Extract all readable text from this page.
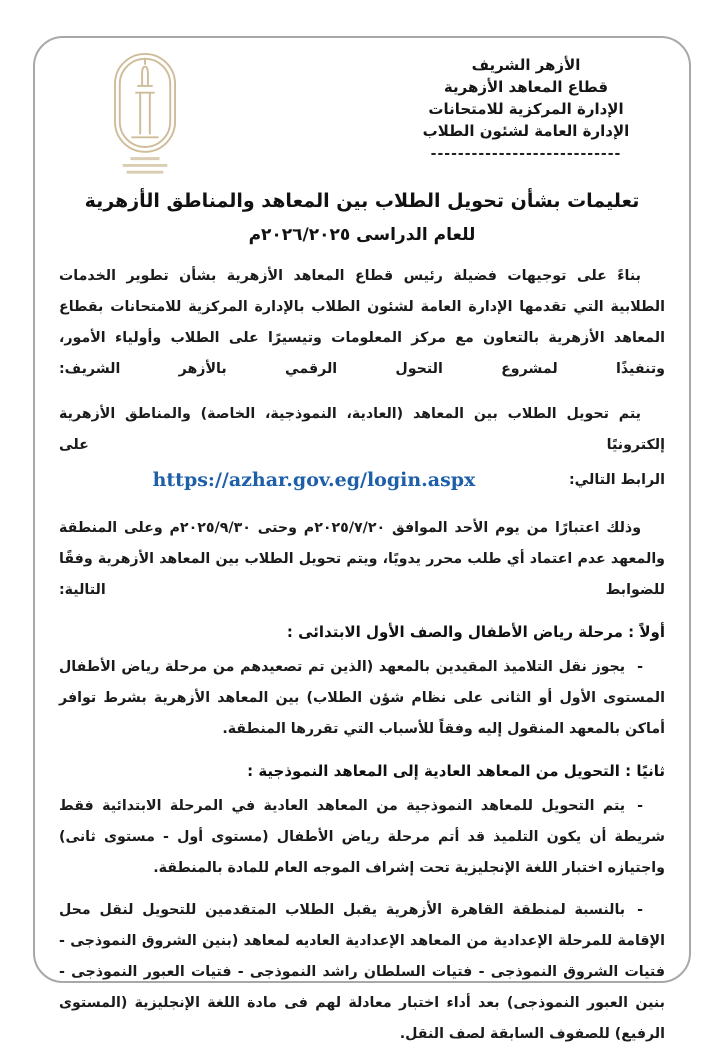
الأزهر الشريف
قطاع المعاهد الأزهرية
الإدارة المركزية للامتحانات
الإدارة العامة لشئون الطلاب
----------------------------
تعليمات بشأن تحويل الطلاب بين المعاهد والمناطق الأزهرية
للعام الدراسى ٢٠٢٦/٢٠٢٥م

بناءً على توجيهات فضيلة رئيس قطاع المعاهد الأزهرية بشأن تطوير الخدمات الطلابية التي تقدمها الإدارة العامة لشئون الطلاب بالإدارة المركزية للامتحانات بقطاع المعاهد الأزهرية بالتعاون مع مركز المعلومات وتيسيرًا على الطلاب وأولياء الأمور، وتنفيذًا لمشروع التحول الرقمي بالأزهر الشريف:

يتم تحويل الطلاب بين المعاهد (العادية، النموذجية، الخاصة) والمناطق الأزهرية إلكترونيًا على

الرابط التالي:
https://azhar.gov.eg/login.aspx

وذلك اعتبارًا من يوم الأحد الموافق ٢٠٢٥/٧/٢٠م وحتى ٢٠٢٥/٩/٣٠م وعلى المنطقة والمعهد عدم اعتماد أي طلب محرر يدويًا، ويتم تحويل الطلاب بين المعاهد الأزهرية وفقًا للضوابط التالية:

أولاً : مرحلة رياض الأطفال والصف الأول الابتدائى :
-يجوز نقل التلاميذ المقيدين بالمعهد (الذين تم تصعيدهم من مرحلة رياض الأطفال المستوى الأول أو الثانى على نظام شؤن الطلاب) بين المعاهد الأزهرية بشرط توافر أماكن بالمعهد المنقول إليه وفقاً للأسباب التي تقررها المنطقة.
ثانيًا : التحويل من المعاهد العادية إلى المعاهد النموذجية :
-يتم التحويل للمعاهد النموذجية من المعاهد العادية في المرحلة الابتدائية فقط شريطة أن يكون التلميذ قد أتم مرحلة رياض الأطفال (مستوى أول - مستوى ثانى) واجتيازه اختبار اللغة الإنجليزية تحت إشراف الموجه العام للمادة بالمنطقة.
-بالنسبة لمنطقة القاهرة الأزهرية يقبل الطلاب المتقدمين للتحويل لنقل محل الإقامة للمرحلة الإعدادية من المعاهد الإعدادية العاديه لمعاهد (بنين الشروق النموذجى - فتيات الشروق النموذجى - فتيات السلطان راشد النموذجى - فتيات العبور النموذجى - بنين العبور النموذجى) بعد أداء اختبار معادلة لهم فى مادة اللغة الإنجليزية (المستوى الرفيع) للصفوف السابقة لصف النقل.
